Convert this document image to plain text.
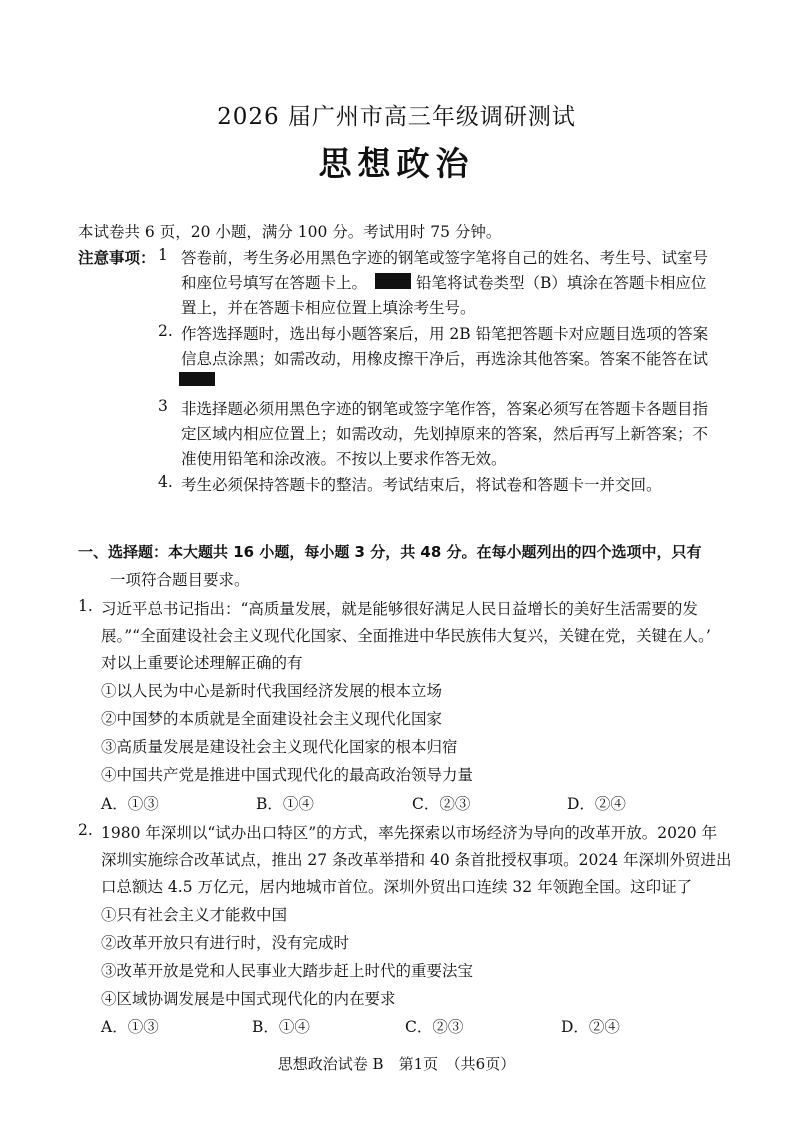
2026 届广州市高三年级调研测试
思想政治
本试卷共 6 页，20 小题，满分 100 分。考试用时 75 分钟。
注意事项： 1 答卷前，考生务必用黑色字迹的钢笔或签字笔将自己的姓名、考生号、试室号
和座位号填写在答题卡上。	铅笔将试卷类型（B）填涂在答题卡相应位
置上，并在答题卡相应位置上填涂考生号。
2. 作答选择题时，选出每小题答案后，用 2B 铅笔把答题卡对应题目选项的答案
信息点涂黑；如需改动，用橡皮擦干净后，再选涂其他答案。答案不能答在试
3 非选择题必须用黑色字迹的钢笔或签字笔作答，答案必须写在答题卡各题目指
定区域内相应位置上；如需改动，先划掉原来的答案，然后再写上新答案；不
准使用铅笔和涂改液。不按以上要求作答无效。
4. 考生必须保持答题卡的整洁。考试结束后，将试卷和答题卡一并交回。
一、选择题：本大题共 16 小题，每小题 3 分，共 48 分。在每小题列出的四个选项中，只有
一项符合题目要求。
1. 习近平总书记指出：“高质量发展，就是能够很好满足人民日益增长的美好生活需要的发
展。”“全面建设社会主义现代化国家、全面推进中华民族伟大复兴，关键在党，关键在人。’
对以上重要论述理解正确的有
①以人民为中心是新时代我国经济发展的根本立场
②中国梦的本质就是全面建设社会主义现代化国家
③高质量发展是建设社会主义现代化国家的根本归宿
④中国共产党是推进中国式现代化的最高政治领导力量
A．①③	B．①④	C．②③	D．②④
2. 1980 年深圳以“试办出口特区”的方式，率先探索以市场经济为导向的改革开放。2020 年
深圳实施综合改革试点，推出 27 条改革举措和 40 条首批授权事项。2024 年深圳外贸进出
口总额达 4.5 万亿元，居内地城市首位。深圳外贸出口连续 32 年领跑全国。这印证了
①只有社会主义才能救中国
②改革开放只有进行时，没有完成时
③改革开放是党和人民事业大踏步赶上时代的重要法宝
④区域协调发展是中国式现代化的内在要求
A．①③	B．①④	C．②③	D．②④
思想政治试卷 B　第1页　（共6页）
